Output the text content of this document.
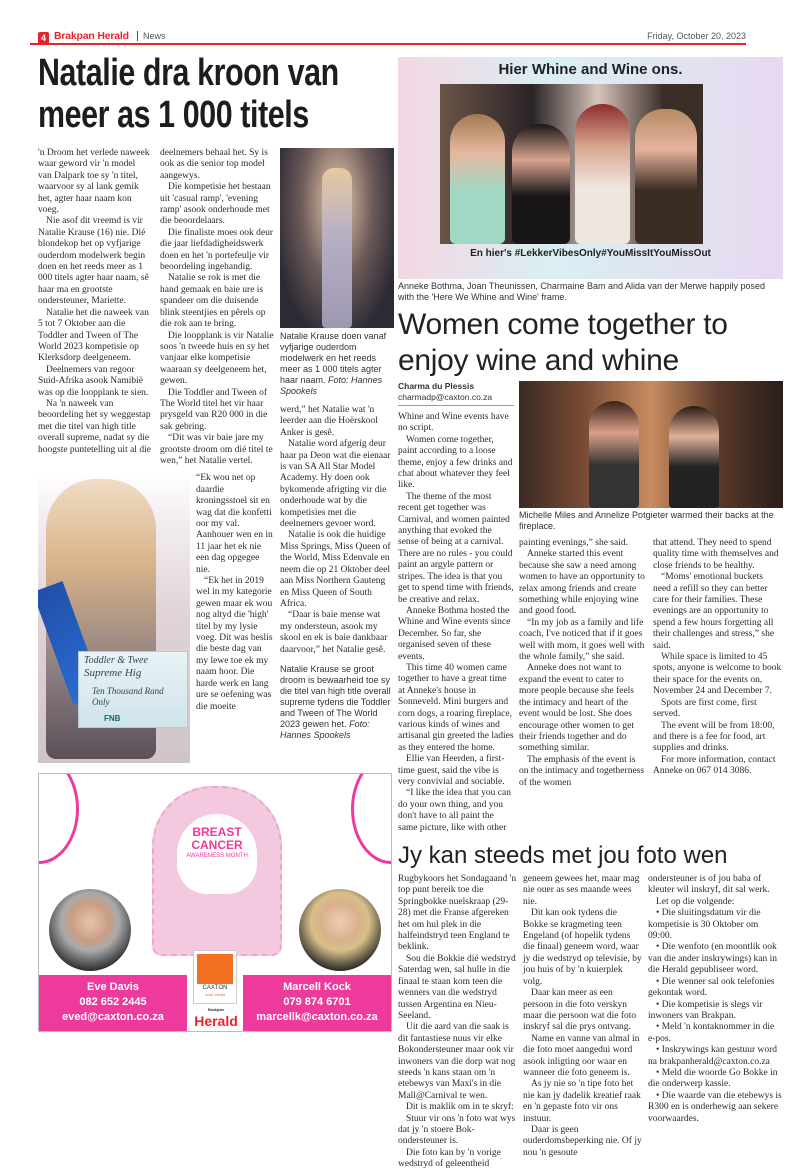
4 Brakpan Herald	News	Friday, October 20, 2023
Natalie dra kroon van meer as 1 000 titels

'n Droom het verlede naweek waar geword vir 'n model van Dalpark toe sy 'n titel, waarvoor sy al lank gemik het, agter haar naam kon voeg.

Nie asof dit vreemd is vir Natalie Krause (16) nie. Dié blondekop het op vyfjarige ouderdom modelwerk begin doen en het reeds meer as 1 000 titels agter haar naam, sê haar ma en grootste ondersteuner, Mariette.

Natalie het die naweek van 5 tot 7 Oktober aan die Toddler and Tween of The World 2023 kompetisie op Klerksdorp deelgeneem.

Deelnemers van regoor Suid-Afrika asook Namibië was op die loopplank te sien.

Na 'n naweek van beoordeling het sy weggestap met die titel van high title overall supreme, nadat sy die hoogste puntetelling uit al die

deelnemers behaal het. Sy is ook as die senior top model aangewys.

Die kompetisie het bestaan uit 'casual ramp', 'evening ramp' asook onderhoude met die beoordelaars.

Die finaliste moes ook deur die jaar liefdadigheidswerk doen en het 'n portefeulje vir beoordeling ingehandig.

Natalie se rok is met die hand gemaak en baie ure is spandeer om die duisende blink steentjies en pêrels op die rok aan te bring.

Die loopplank is vir Natalie soos 'n tweede huis en sy het vanjaar elke kompetisie waaraan sy deelgeneem het, gewen.

Die Toddler and Tween of The World titel het vir haar prysgeld van R20 000 in die sak gebring.

“Dit was vir baie jare my grootste droom om dié titel te wen,” het Natalie vertel.

Toddler & Twee
Supreme Hig
Ten Thousand Rand Only
FNB

“Ek wou net op daardie kroningsstoel sit en wag dat die konfetti oor my val. Aanhouer wen en in 11 jaar het ek nie een dag opgegee nie.

“Ek het in 2019 wel in my kategorie gewen maar ek wou nog altyd die 'high' titel by my lysie voeg. Dit was beslis die beste dag van my lewe toe ek my naam hoor. Die harde werk en lang ure se oefening was die moeite

Natalie Krause doen vanaf vyfjarige ouderdom modelwerk en het reeds meer as 1 000 titels agter haar naam. Foto: Hannes Spookels

werd,” het Natalie wat 'n leerder aan die Hoërskool Anker is gesê.

Natalie word afgerig deur haar pa Deon wat die eienaar is van SA All Star Model Academy. Hy doen ook bykomende afrigting vir die onderhoude wat by die kompetisies met die deelnemers gevoer word.

Natalie is ook die huidige Miss Springs, Miss Queen of the World, Miss Edenvale en neem die op 21 Oktober deel aan Miss Northern Gauteng en Miss Queen of South Africa.

“Daar is baie mense wat my ondersteun, asook my skool en ek is baie dankbaar daarvoor,” het Natalie gesê.

Natalie Krause se groot droom is bewaarheid toe sy die titel van high title overall supreme tydens die Toddler and Tween of The World 2023 gewen het. Foto: Hannes Spookels
BREAST
CANCER
AWARENESS MONTH
Eve Davis
082 652 2445
eved@caxton.co.za
Marcell Kock
079 874 6701
marcellk@caxton.co.za
CAXTON
local media
Brakpan
Herald
Hier Whine and Wine ons.
En hier's #LekkerVibesOnly#YouMissItYouMissOut
Anneke Bothma, Joan Theunissen, Charmaine Bam and Alida van der Merwe happily posed with the 'Here We Whine and Wine' frame.
Women come together to enjoy wine and whine
Charma du Plessis
charmadp@caxton.co.za

Whine and Wine events have no script.

Women come together, paint according to a loose theme, enjoy a few drinks and chat about whatever they feel like.

The theme of the most recent get together was Carnival, and women painted anything that evoked the sense of being at a carnival. There are no rules - you could paint an argyle pattern or stripes. The idea is that you get to spend time with friends, be creative and relax.

Anneke Bothma hosted the Whine and Wine events since December. So far, she organised seven of these events.

This time 40 women came together to have a great time at Anneke's house in Sonneveld. Mini burgers and corn dogs, a roaring fireplace, various kinds of wines and artisanal gin greeted the ladies as they entered the home.

Ellie van Heerden, a first-time guest, said the vibe is very convivial and sociable.

“I like the idea that you can do your own thing, and you don't have to all paint the same picture, like with other

Michelle Miles and Annelize Potgieter warmed their backs at the fireplace.

painting evenings,” she said.

Anneke started this event because she saw a need among women to have an opportunity to relax among friends and create something while enjoying wine and good food.

“In my job as a family and life coach, I've noticed that if it goes well with mom, it goes well with the whole family,” she said.

Anneke does not want to expand the event to cater to more people because she feels the intimacy and heart of the event would be lost. She does encourage other women to get their friends together and do something similar.

The emphasis of the event is on the intimacy and togetherness of the women

that attend. They need to spend quality time with themselves and close friends to be healthy.

“Moms' emotional buckets need a refill so they can better care for their families. These evenings are an opportunity to spend a few hours forgetting all their challenges and stress,” she said.

While space is limited to 45 spots, anyone is welcome to book their space for the events on, November 24 and December 7.

Spots are first come, first served.

The event will be from 18:00, and there is a fee for food, art supplies and drinks.

For more information, contact Anneke on 067 014 3086.

Jy kan steeds met jou foto wen

Rugbykoors het Sondagaand 'n top punt bereik toe die Springbokke nuelskraap (29-28) met die Franse afgereken het om hul plek in die halfeindstryd teen England te beklink.

Sou die Bokkie dié wedstryd Saterdag wen, sal hulle in die finaal te staan kom teen die wenners van die wedstryd tussen Argentina en Nieu-Seeland.

Uit die aard van die saak is dit fantastiese nuus vir elke Bokondersteuner maar ook vir inwoners van die dorp wat nog steeds 'n kans staan om 'n etebewys van Maxi's in die Mall@Carnival te wen.

Dit is maklik om in te skryf:

Stuur vir ons 'n foto wat wys dat jy 'n stoere Bok-ondersteuner is.

Die foto kan by 'n vorige wedstryd of geleentheid

geneem gewees het, maar mag nie ouer as ses maande wees nie.

Dit kan ook tydens die Bokke se kragmeting teen Engeland (of hopelik tydens die finaal) geneem word, waar jy die wedstryd op televisie, by jou huis of by 'n kuierplek volg.

Daar kan meer as een persoon in die foto verskyn maar die persoon wat die foto inskryf sal die prys ontvang.

Name en vanne van almal in die foto moet aangedui word asook inligting oor waar en wanneer die foto geneem is.

As jy nie so 'n tipe foto het nie kan jy dadelik kreatief raak en 'n gepaste foto vir ons instuur.

Daar is geen ouderdomsbeperking nie. Of jy nou 'n gesoute

ondersteuner is of jou baba of kleuter wil inskryf, dit sal werk.

Let op die volgende:

• Die sluitingsdatum vir die kompetisie is 30 Oktober om 09:00.

• Die wenfoto (en moontlik ook van die ander inskrywings) kan in die Herald gepubliseer word.

• Die wenner sal ook telefonies gekontak word.

• Die kompetisie is slegs vir inwoners van Brakpan.

• Meld 'n kontaknommer in die e-pos.

• Inskrywings kan gestuur word na brakpanherald@caxton.co.za

• Meld die woorde Go Bokke in die onderwerp kassie.

• Die waarde van die etebewys is R300 en is onderhewig aan sekere voorwaardes.
